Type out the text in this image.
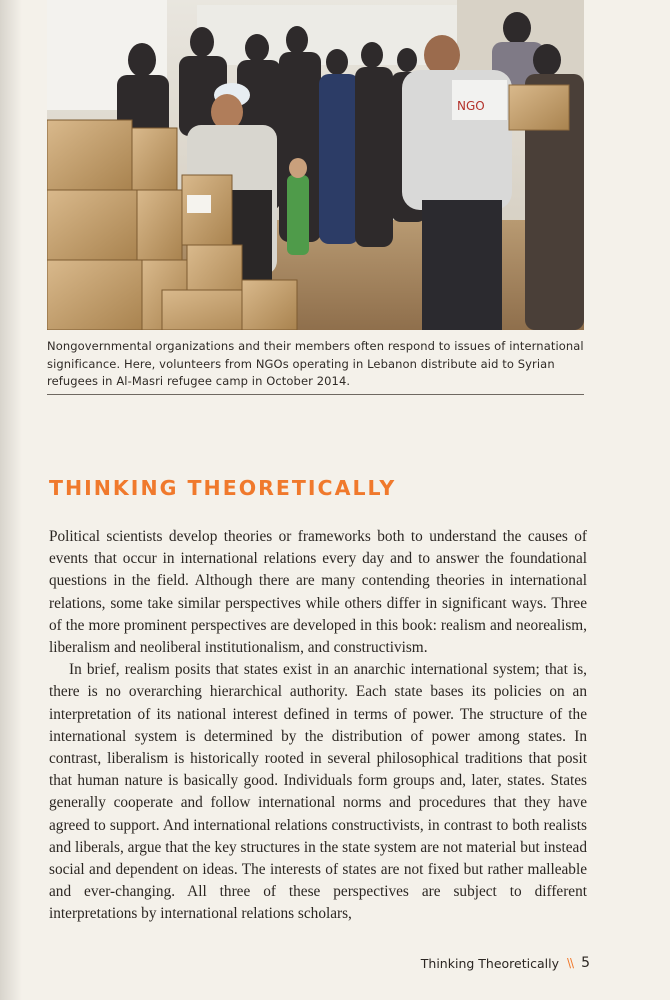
NGO
Nongovernmental organizations and their members often respond to issues of international significance. Here, volunteers from NGOs operating in Lebanon distribute aid to Syrian refugees in Al-Masri refugee camp in October 2014.
THINKING THEORETICALLY

Political scientists develop theories or frameworks both to understand the causes of events that occur in international relations every day and to answer the foundational questions in the field. Although there are many contending theories in international relations, some take similar perspectives while others differ in significant ways. Three of the more prominent perspectives are developed in this book: realism and neorealism, liberalism and neoliberal institutionalism, and constructivism.

In brief, realism posits that states exist in an anarchic international system; that is, there is no overarching hierarchical authority. Each state bases its policies on an interpretation of its national interest defined in terms of power. The structure of the international system is determined by the distribution of power among states. In contrast, liberalism is historically rooted in several philosophical traditions that posit that human nature is basically good. Individuals form groups and, later, states. States generally cooperate and follow international norms and procedures that they have agreed to support. And international relations constructivists, in contrast to both realists and liberals, argue that the key structures in the state system are not material but instead social and dependent on ideas. The interests of states are not fixed but rather malleable and ever-changing. All three of these perspectives are subject to different interpretations by international relations scholars,

Thinking Theoretically \\ 5
